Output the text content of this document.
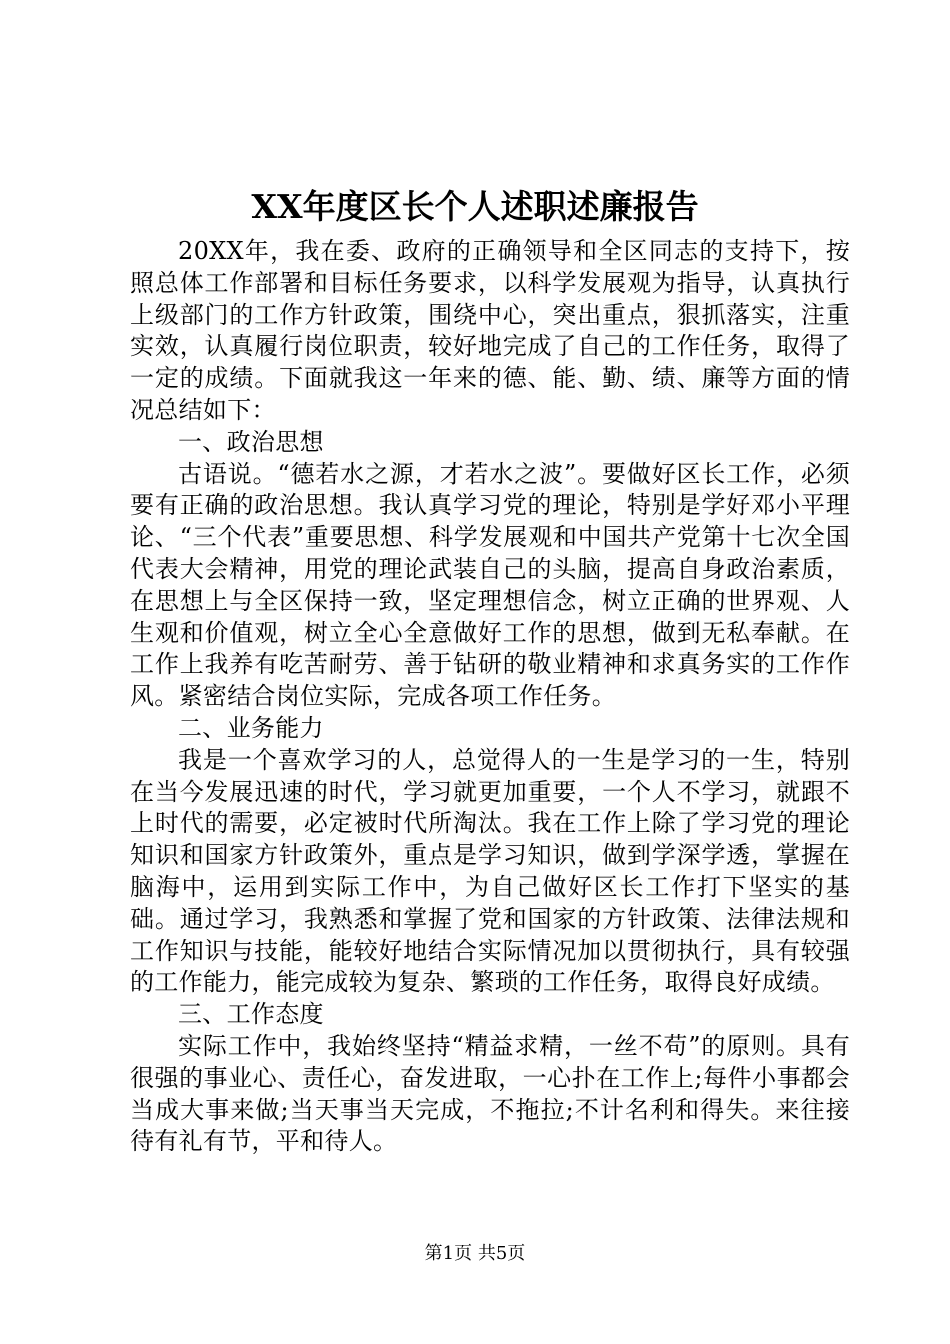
XX年度区长个人述职述廉报告

20XX年，我在委、政府的正确领导和全区同志的支持下，按照总体工作部署和目标任务要求，以科学发展观为指导，认真执行上级部门的工作方针政策，围绕中心，突出重点，狠抓落实，注重实效，认真履行岗位职责，较好地完成了自己的工作任务，取得了一定的成绩。下面就我这一年来的德、能、勤、绩、廉等方面的情况总结如下：

一、政治思想

古语说。“德若水之源，才若水之波”。要做好区长工作，必须要有正确的政治思想。我认真学习党的理论，特别是学好邓小平理论、“三个代表”重要思想、科学发展观和中国共产党第十七次全国代表大会精神，用党的理论武装自己的头脑，提高自身政治素质，在思想上与全区保持一致，坚定理想信念，树立正确的世界观、人生观和价值观，树立全心全意做好工作的思想，做到无私奉献。在工作上我养有吃苦耐劳、善于钻研的敬业精神和求真务实的工作作风。紧密结合岗位实际，完成各项工作任务。

二、业务能力

我是一个喜欢学习的人，总觉得人的一生是学习的一生，特别在当今发展迅速的时代，学习就更加重要，一个人不学习，就跟不上时代的需要，必定被时代所淘汰。我在工作上除了学习党的理论知识和国家方针政策外，重点是学习知识，做到学深学透，掌握在脑海中，运用到实际工作中，为自己做好区长工作打下坚实的基础。通过学习，我熟悉和掌握了党和国家的方针政策、法律法规和工作知识与技能，能较好地结合实际情况加以贯彻执行，具有较强的工作能力，能完成较为复杂、繁琐的工作任务，取得良好成绩。

三、工作态度

实际工作中，我始终坚持“精益求精，一丝不苟”的原则。具有很强的事业心、责任心，奋发进取，一心扑在工作上;每件小事都会当成大事来做;当天事当天完成，不拖拉;不计名利和得失。来往接待有礼有节，平和待人。

第1页 共5页
